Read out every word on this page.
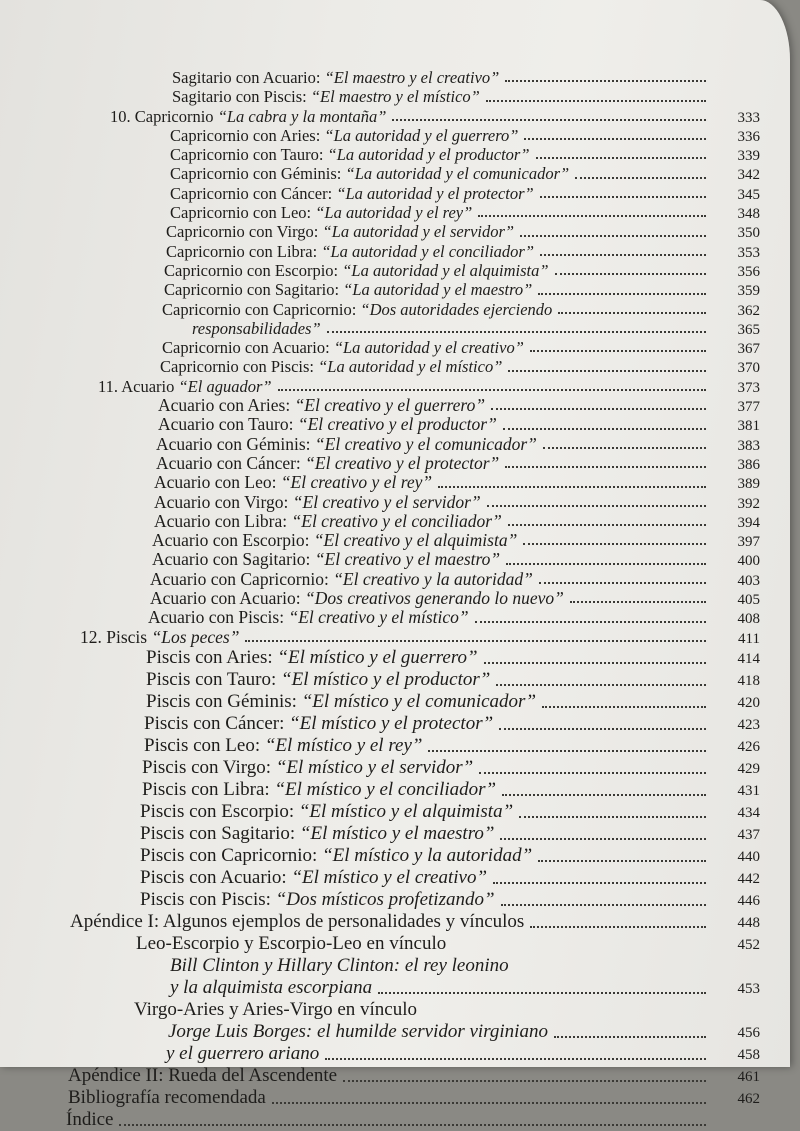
Sagitario con Acuario: “El maestro y el creativo”
Sagitario con Piscis: “El maestro y el místico”
10. Capricornio “La cabra y la montaña”	333
Capricornio con Aries: “La autoridad y el guerrero”	336
Capricornio con Tauro: “La autoridad y el productor”	339
Capricornio con Géminis: “La autoridad y el comunicador”	342
Capricornio con Cáncer: “La autoridad y el protector”	345
Capricornio con Leo: “La autoridad y el rey”	348
Capricornio con Virgo: “La autoridad y el servidor”	350
Capricornio con Libra: “La autoridad y el conciliador”	353
Capricornio con Escorpio: “La autoridad y el alquimista”	356
Capricornio con Sagitario: “La autoridad y el maestro”	359
Capricornio con Capricornio: “Dos autoridades ejerciendo	362
responsabilidades”	365
Capricornio con Acuario: “La autoridad y el creativo”	367
Capricornio con Piscis: “La autoridad y el místico”	370
11. Acuario “El aguador”	373
Acuario con Aries: “El creativo y el guerrero”	377
Acuario con Tauro: “El creativo y el productor”	381
Acuario con Géminis: “El creativo y el comunicador”	383
Acuario con Cáncer: “El creativo y el protector”	386
Acuario con Leo: “El creativo y el rey”	389
Acuario con Virgo: “El creativo y el servidor”	392
Acuario con Libra: “El creativo y el conciliador”	394
Acuario con Escorpio: “El creativo y el alquimista”	397
Acuario con Sagitario: “El creativo y el maestro”	400
Acuario con Capricornio: “El creativo y la autoridad”	403
Acuario con Acuario: “Dos creativos generando lo nuevo”	405
Acuario con Piscis: “El creativo y el místico”	408
12. Piscis “Los peces”	411
Piscis con Aries: “El místico y el guerrero”	414
Piscis con Tauro: “El místico y el productor”	418
Piscis con Géminis: “El místico y el comunicador”	420
Piscis con Cáncer: “El místico y el protector”	423
Piscis con Leo: “El místico y el rey”	426
Piscis con Virgo: “El místico y el servidor”	429
Piscis con Libra: “El místico y el conciliador”	431
Piscis con Escorpio: “El místico y el alquimista”	434
Piscis con Sagitario: “El místico y el maestro”	437
Piscis con Capricornio: “El místico y la autoridad”	440
Piscis con Acuario: “El místico y el creativo”	442
Piscis con Piscis: “Dos místicos profetizando”	446
Apéndice I: Algunos ejemplos de personalidades y vínculos	448
Leo-Escorpio y Escorpio-Leo en vínculo	452
Bill Clinton y Hillary Clinton: el rey leonino
y la alquimista escorpiana	453
Virgo-Aries y Aries-Virgo en vínculo
Jorge Luis Borges: el humilde servidor virginiano	456
y el guerrero ariano	458
Apéndice II: Rueda del Ascendente	461
Bibliografía recomendada	462
Índice
